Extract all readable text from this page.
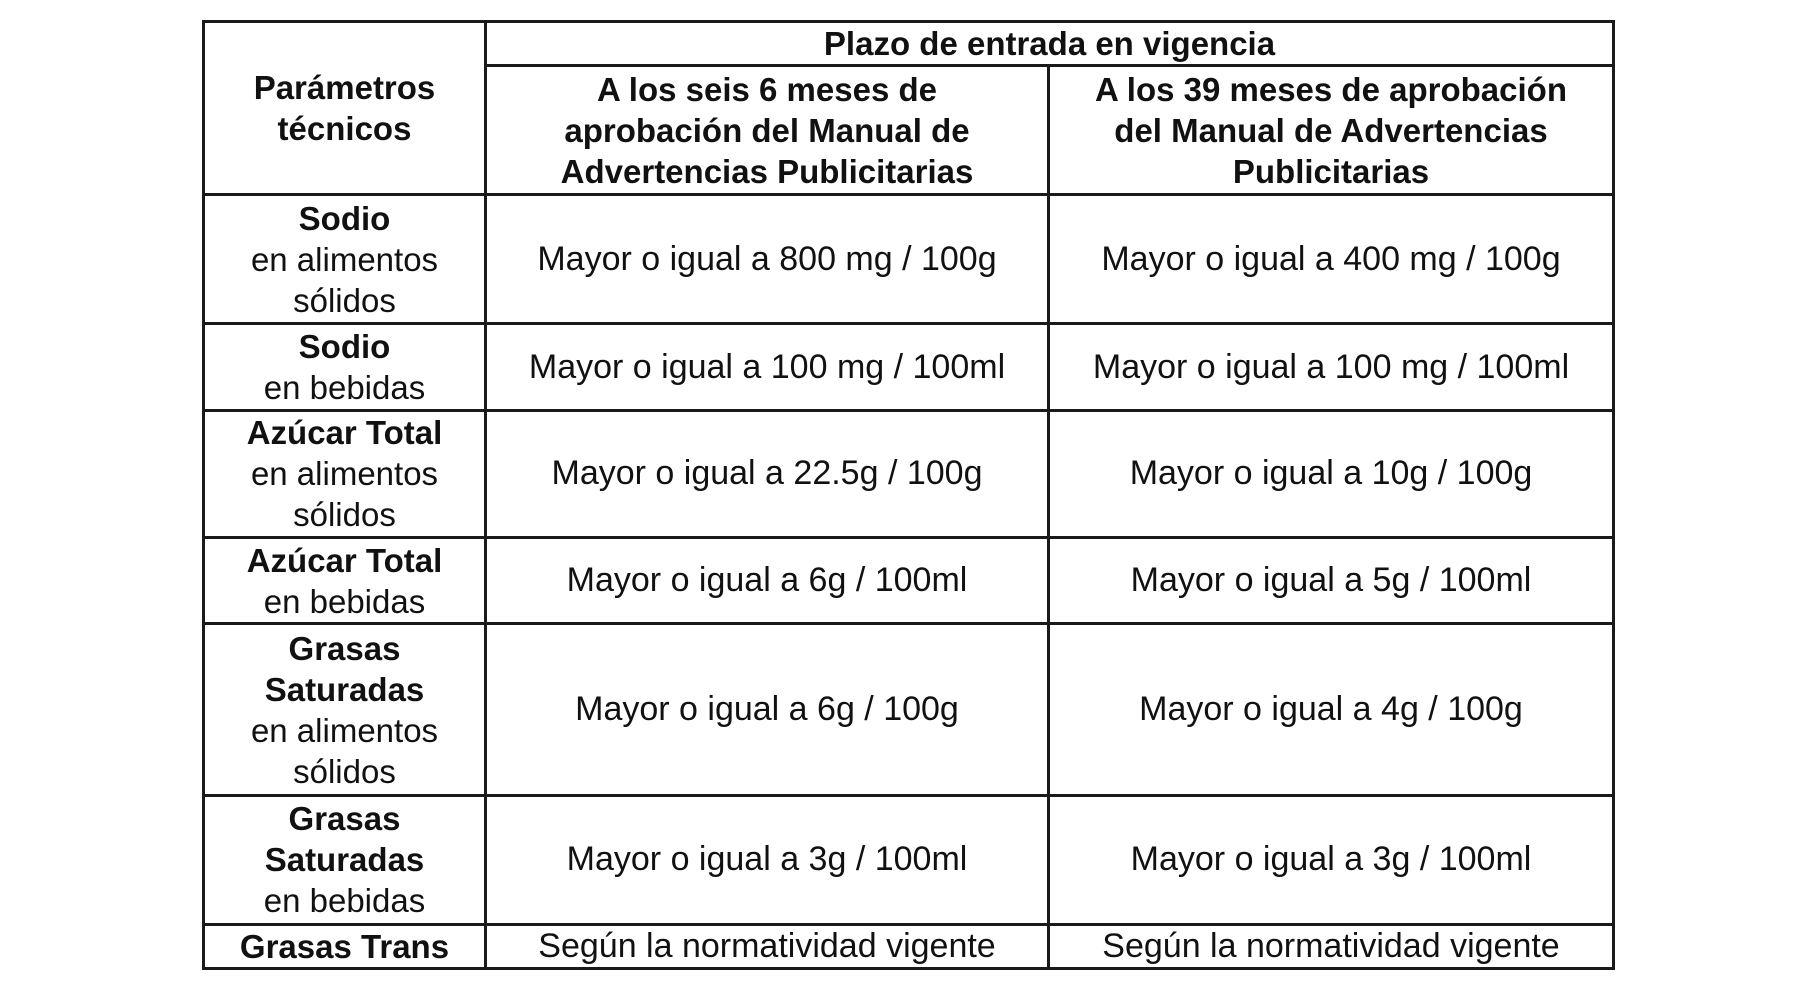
Parámetros
técnicos	Plazo de entrada en vigencia	

	A los seis 6 meses de
aprobación del Manual de
Advertencias Publicitarias	A los 39 meses de aprobación
del Manual de Advertencias
Publicitarias

Sodio
en alimentos
sólidos	Mayor o igual a 800 mg / 100g	Mayor o igual a 400 mg / 100g

Sodio
en bebidas	Mayor o igual a 100 mg / 100ml	Mayor o igual a 100 mg / 100ml

Azúcar Total
en alimentos
sólidos	Mayor o igual a 22.5g / 100g	Mayor o igual a 10g / 100g

Azúcar Total
en bebidas	Mayor o igual a 6g / 100ml	Mayor o igual a 5g / 100ml

Grasas
Saturadas
en alimentos
sólidos	Mayor o igual a 6g / 100g	Mayor o igual a 4g / 100g

Grasas
Saturadas
en bebidas	Mayor o igual a 3g / 100ml	Mayor o igual a 3g / 100ml

Grasas Trans	Según la normatividad vigente	Según la normatividad vigente
